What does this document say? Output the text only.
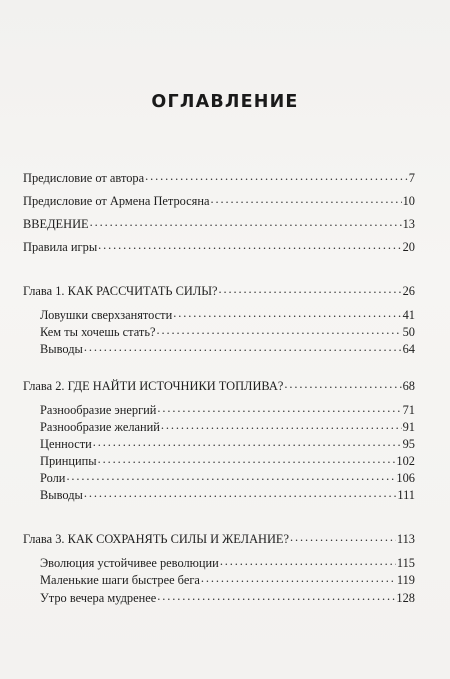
ОГЛАВЛЕНИЕ
Предисловие от автора . . .	7
Предисловие от Армена Петросяна . . .	10
ВВЕДЕНИЕ . . .	13
Правила игры . . .	20
Глава 1. КАК РАССЧИТАТЬ СИЛЫ? . . .	26
Ловушки сверхзанятости . . .	41
Кем ты хочешь стать? . . .	50
Выводы . . .	64
Глава 2. ГДЕ НАЙТИ ИСТОЧНИКИ ТОПЛИВА? . . .	68
Разнообразие энергий . . .	71
Разнообразие желаний . . .	91
Ценности . . .	95
Принципы . . .	102
Роли . . .	106
Выводы . . .	111
Глава 3. КАК СОХРАНЯТЬ СИЛЫ И ЖЕЛАНИЕ? . . .	113
Эволюция устойчивее революции . . .	115
Маленькие шаги быстрее бега . . .	119
Утро вечера мудренее . . .	128
